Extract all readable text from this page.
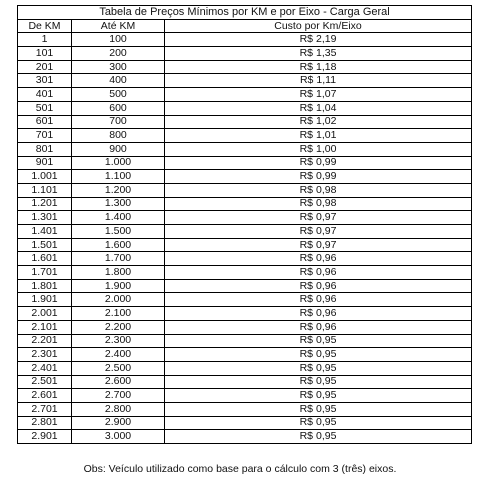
Tabela de Preços Mínimos por KM e por Eixo - Carga Geral		
De KM	Até KM	Custo por Km/Eixo
1	100	R$ 2,19
101	200	R$ 1,35
201	300	R$ 1,18
301	400	R$ 1,11
401	500	R$ 1,07
501	600	R$ 1,04
601	700	R$ 1,02
701	800	R$ 1,01
801	900	R$ 1,00
901	1.000	R$ 0,99
1.001	1.100	R$ 0,99
1.101	1.200	R$ 0,98
1.201	1.300	R$ 0,98
1.301	1.400	R$ 0,97
1.401	1.500	R$ 0,97
1.501	1.600	R$ 0,97
1.601	1.700	R$ 0,96
1.701	1.800	R$ 0,96
1.801	1.900	R$ 0,96
1.901	2.000	R$ 0,96
2.001	2.100	R$ 0,96
2.101	2.200	R$ 0,96
2.201	2.300	R$ 0,95
2.301	2.400	R$ 0,95
2.401	2.500	R$ 0,95
2.501	2.600	R$ 0,95
2.601	2.700	R$ 0,95
2.701	2.800	R$ 0,95
2.801	2.900	R$ 0,95
2.901	3.000	R$ 0,95
Obs: Veículo utilizado como base para o cálculo com 3 (três) eixos.
